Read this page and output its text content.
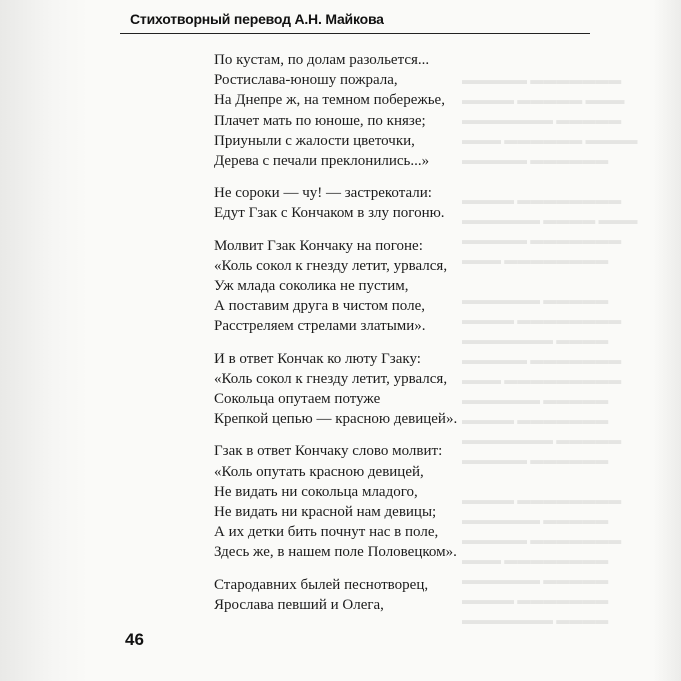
Стихотворный перевод А.Н. Майкова
▬▬▬▬▬ ▬▬▬▬▬▬▬
▬▬▬▬ ▬▬▬▬▬ ▬▬▬
▬▬▬▬▬▬▬ ▬▬▬▬▬
▬▬▬ ▬▬▬▬▬▬ ▬▬▬▬
▬▬▬▬▬ ▬▬▬▬▬▬

▬▬▬▬ ▬▬▬▬▬▬▬▬
▬▬▬▬▬▬ ▬▬▬▬ ▬▬▬
▬▬▬▬▬ ▬▬▬▬▬▬▬
▬▬▬ ▬▬▬▬▬▬▬▬

▬▬▬▬▬▬ ▬▬▬▬▬
▬▬▬▬ ▬▬▬▬▬▬▬▬
▬▬▬▬▬▬▬ ▬▬▬▬
▬▬▬▬▬ ▬▬▬▬▬▬▬
▬▬▬ ▬▬▬▬▬▬▬▬▬
▬▬▬▬▬▬ ▬▬▬▬▬
▬▬▬▬ ▬▬▬▬▬▬▬
▬▬▬▬▬▬▬ ▬▬▬▬▬
▬▬▬▬▬ ▬▬▬▬▬▬

▬▬▬▬ ▬▬▬▬▬▬▬▬
▬▬▬▬▬▬ ▬▬▬▬▬
▬▬▬▬▬ ▬▬▬▬▬▬▬
▬▬▬ ▬▬▬▬▬▬▬▬
▬▬▬▬▬▬ ▬▬▬▬▬
▬▬▬▬ ▬▬▬▬▬▬▬
▬▬▬▬▬▬▬ ▬▬▬▬
По кустам, по долам разольется...
Ростислава-юношу пожрала,
На Днепре ж, на темном побережье,
Плачет мать по юноше, по князе;
Приуныли с жалости цветочки,
Дерева с печали преклонились...»
Не сороки — чу! — застрекотали:
Едут Гзак с Кончаком в злу погоню.
Молвит Гзак Кончаку на погоне:
«Коль сокол к гнезду летит, урвался,
Уж млада соколика не пустим,
А поставим друга в чистом поле,
Расстреляем стрелами златыми».
И в ответ Кончак ко люту Гзаку:
«Коль сокол к гнезду летит, урвался,
Сокольца опутаем потуже
Крепкой цепью — красною девицей».
Гзак в ответ Кончаку слово молвит:
«Коль опутать красною девицей,
Не видать ни сокольца младого,
Не видать ни красной нам девицы;
А их детки бить почнут нас в поле,
Здесь же, в нашем поле Половецком».
Стародавних былей песнотворец,
Ярослава певший и Олега,
46
